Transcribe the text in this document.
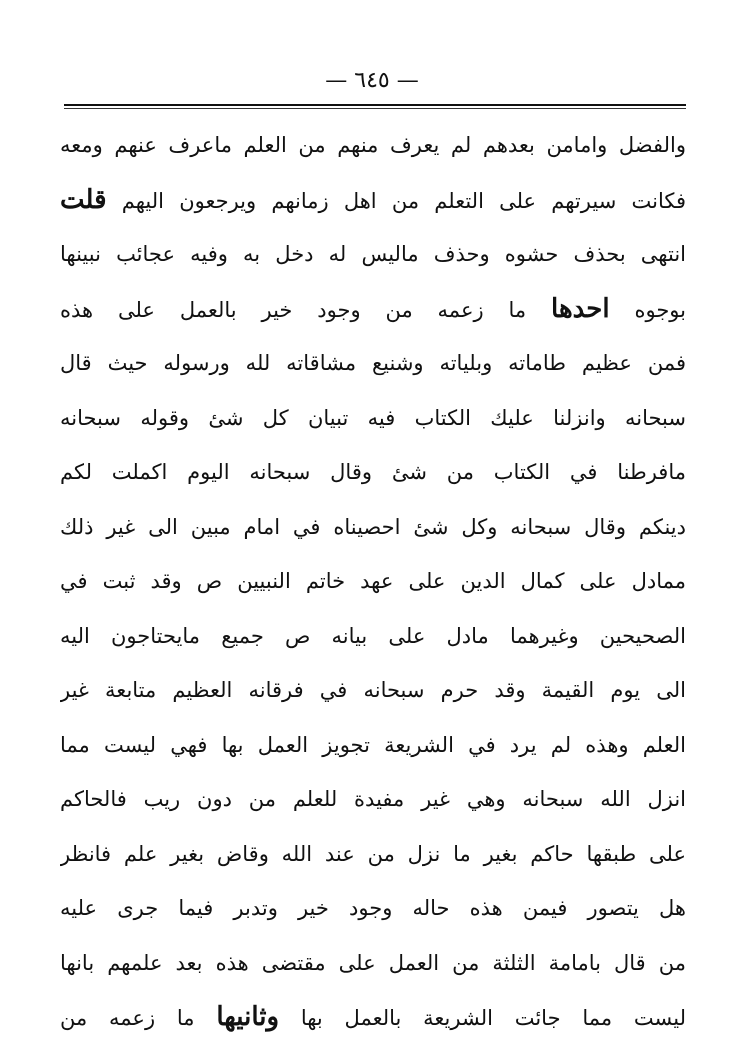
— ٦٤٥ —
والفضل وامامن بعدهم لم يعرف منهم من العلم ماعرف عنهم ومعه
فكانت سيرتهم على التعلم من اهل زمانهم ويرجعون اليهم قلت
انتهى بحذف حشوه وحذف ماليس له دخل به وفيه عجائب نبينها
بوجوه احدها ما زعمه من وجود خير بالعمل على هذه
فمن عظيم طاماته وبلياته وشنيع مشاقاته لله ورسوله حيث قال
سبحانه وانزلنا عليك الكتاب فيه تبيان كل شئ وقوله سبحانه
مافرطنا في الكتاب من شئ وقال سبحانه اليوم اكملت لكم
دينكم وقال سبحانه وكل شئ احصيناه في امام مبين الى غير ذلك
ممادل على كمال الدين على عهد خاتم النبيين ص وقد ثبت في
الصحيحين وغيرهما مادل على بيانه ص جميع مايحتاجون اليه
الى يوم القيمة وقد حرم سبحانه في فرقانه العظيم متابعة غير
العلم وهذه لم يرد في الشريعة تجويز العمل بها فهي ليست مما
انزل الله سبحانه وهي غير مفيدة للعلم من دون ريب فالحاكم
على طبقها حاكم بغير ما نزل من عند الله وقاض بغير علم فانظر
هل يتصور فيمن هذه حاله وجود خير وتدبر فيما جرى عليه
من قال بامامة الثلثة من العمل على مقتضى هذه بعد علمهم بانها
ليست مما جائت الشريعة بالعمل بها وثانيها ما زعمه من
